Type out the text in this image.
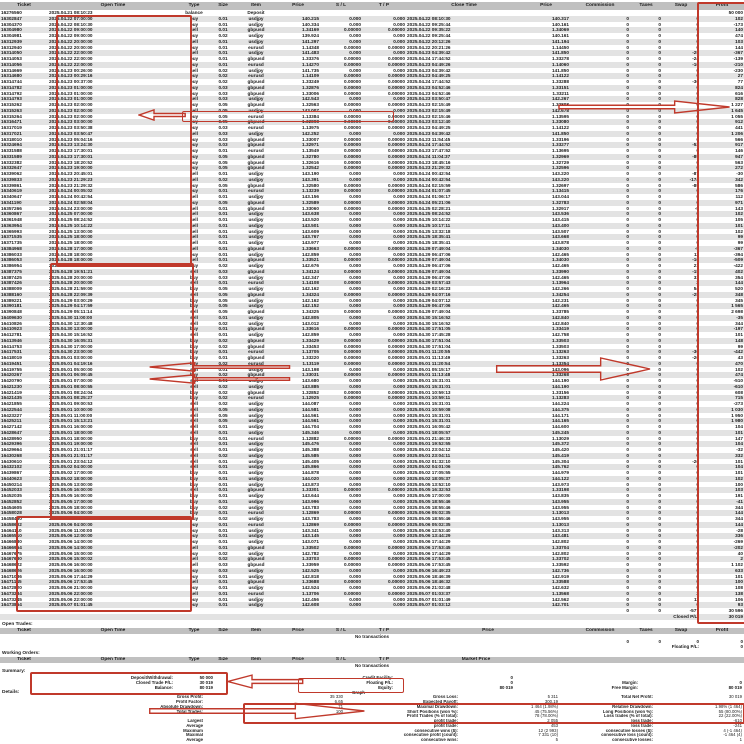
Ticket	Open Time	Type	Size	Item	Price	S / L	T / P	Close Time	Price	Commission	Taxes	Swap	Profit
16276560	2025.04.21 08:10:23	balance		Deposit									50 000
16302847	2025.04.22 07:00:00	buy	0.01	usdjpy	140.215	0.000	0.000	2025.04.22 08:10:30	140.317	0	0	0	102
16304370	2025.04.22 08:10:30	buy	0.01	usdjpy	140.334	0.000	0.000	2025.04.22 09:25:44	140.161	0	0	0	-173
16304980	2025.04.22 09:00:00	sell	0.01	gbpusd	1.34169	0.00000	0.00000	2025.04.22 09:35:22	1.34069	0	0	0	140
16304981	2025.04.22 09:00:00	buy	0.02	usdjpy	139.924	0.000	0.000	2025.04.22 09:25:44	140.161	0	0	0	474
16312939	2025.04.22 20:00:00	sell	0.01	usdjpy	141.297	0.000	0.000	2025.04.22 20:12:26	141.194	0	0	0	103
16312940	2025.04.22 20:00:00	buy	0.01	eurusd	1.14348	0.00000	0.00000	2025.04.22 20:21:26	1.14450	0	0	0	144
16314050	2025.04.22 22:00:00	sell	0.01	usdjpy	141.483	0.000	0.000	2025.04.23 04:39:42	141.850	0	0	-29	-367
16314053	2025.04.22 22:00:00	buy	0.01	gbpusd	1.33376	0.00000	0.00000	2025.04.24 17:44:52	1.33278	0	0	-24	-139
16314056	2025.04.22 22:00:00	buy	0.01	eurusd	1.14270	0.00000	0.00000	2025.04.23 04:49:26	1.14060	0	0	-10	-210
16314669	2025.04.23 00:26:00	sell	0.02	usdjpy	141.735	0.000	0.000	2025.04.23 04:39:42	141.850	0	0	0	-230
16314680	2025.04.23 00:29:16	buy	0.02	eurusd	1.14109	0.00000	0.00000	2025.04.23 04:49:25	1.14122	0	0	0	27
16314744	2025.04.23 00:37:00	buy	0.02	gbpusd	1.33249	0.00000	0.00000	2025.04.24 17:44:52	1.33288	0	0	-36	77
16314782	2025.04.23 01:00:00	buy	0.03	gbpusd	1.32876	0.00000	0.00000	2025.04.23 04:52:46	1.33151	0	0	0	824
16314792	2025.04.23 01:00:00	buy	0.03	gbpusd	1.33006	0.00000	0.00000	2025.04.23 04:52:46	1.33211	0	0	0	616
16314793	2025.04.23 01:00:00	sell	0.03	usdjpy	142.543	0.000	0.000	2025.04.23 03:50:47	142.267	0	0	0	828
16315262	2025.04.23 02:00:00	buy	0.05	gbpusd	1.32563	0.00000	0.00000	2025.04.23 02:15:49	1.32808	0	0	0	1 227
16315263	2025.04.23 02:00:00	sell	0.05	usdjpy	143.007	0.000	0.000	2025.04.23 02:15:49	142.678	0	0	0	1 645
16315264	2025.04.23 02:00:00	buy	0.05	eurusd	1.13384	0.00000	0.00000	2025.04.23 02:15:46	1.13595	0	0	0	1 055
16316471	2025.04.23 03:00:00	buy	0.05	gbpusd	1.32898	0.00000	0.00000	2025.04.23 03:12:40	1.33080	0	0	0	912
16317019	2025.04.23 03:50:38	buy	0.03	eurusd	1.13975	0.00000	0.00000	2025.04.23 04:49:25	1.14122	0	0	0	441
16317021	2025.04.23 03:50:47	sell	0.03	usdjpy	142.252	0.000	0.000	2025.04.23 04:39:42	141.850	0	0	0	1 206
16318010	2025.04.23 05:04:16	buy	0.03	gbpusd	1.33007	0.00000	0.00000	2025.04.23 11:54:45	1.33196	0	0	0	566
16324694	2025.04.23 13:24:30	buy	0.03	gbpusd	1.32971	0.00000	0.00000	2025.04.24 17:44:52	1.33277	0	0	-53	917
16331588	2025.04.23 17:30:01	buy	0.01	eurusd	1.13549	0.00000	0.00000	2025.04.23 17:47:52	1.13695	0	0	0	146
16331589	2025.04.23 17:30:01	buy	0.05	gbpusd	1.32780	0.00000	0.00000	2025.04.24 11:04:37	1.32969	0	0	-89	947
16332382	2025.04.23 18:20:52	buy	0.05	gbpusd	1.32616	0.00000	0.00000	2025.04.23 18:45:16	1.32729	0	0	0	563
16332647	2025.04.23 19:00:00	buy	0.05	gbpusd	1.32542	0.00000	0.00000	2025.04.23 21:29:32	1.32596	0	0	0	272
16339062	2025.04.23 20:45:01	sell	0.01	usdjpy	143.190	0.000	0.000	2025.04.24 00:42:54	143.220	0	0	-87	-30
16339833	2025.04.23 21:29:23	sell	0.02	usdjpy	143.391	0.000	0.000	2025.04.24 00:42:54	143.220	0	0	-174	342
16339861	2025.04.23 21:29:32	buy	0.05	gbpusd	1.32580	0.00000	0.00000	2025.04.24 02:15:59	1.32697	0	0	-89	586
16340619	2025.04.24 00:05:02	buy	0.01	eurusd	1.13239	0.00000	0.00000	2025.04.24 01:07:45	1.13415	0	0	0	176
16340647	2025.04.24 00:42:54	sell	0.01	usdjpy	143.156	0.000	0.000	2025.04.24 01:06:17	143.044	0	0	0	112
16341190	2025.04.24 02:58:04	buy	0.05	gbpusd	1.32589	0.00000	0.00000	2025.04.24 05:21:06	1.32783	0	0	0	971
16357266	2025.04.24 23:00:00	sell	0.01	gbpusd	1.33060	0.00000	0.00000	2025.04.25 02:28:21	1.32917	0	0	-5	143
16360867	2025.04.25 07:00:00	sell	0.01	usdjpy	143.638	0.000	0.000	2025.04.25 08:24:52	143.536	0	0	0	102
16361948	2025.04.25 08:24:52	sell	0.01	usdjpy	143.520	0.000	0.000	2025.04.25 10:14:22	143.415	0	0	0	105
16363954	2025.04.25 10:14:22	sell	0.01	usdjpy	143.501	0.000	0.000	2025.04.25 10:17:11	143.400	0	0	0	101
16365993	2025.04.25 13:00:00	sell	0.01	usdjpy	143.609	0.000	0.000	2025.04.25 13:32:18	143.507	0	0	0	102
16371535	2025.04.25 18:00:00	sell	0.01	usdjpy	143.767	0.000	0.000	2025.04.25 18:35:41	143.668	0	0	0	99
16371735	2025.04.25 18:00:00	sell	0.01	usdjpy	143.977	0.000	0.000	2025.04.25 18:35:41	143.878	0	0	0	99
16384968	2025.04.28 17:00:00	sell	0.01	gbpusd	1.33663	0.00000	0.00000	2025.04.29 07:49:04	1.34030	0	0	-5	-367
16386033	2025.04.28 18:00:00	buy	0.01	usdjpy	142.859	0.000	0.000	2025.04.29 06:47:06	142.465	0	0	11	-394
16386053	2025.04.28 18:00:00	sell	0.01	gbpusd	1.33521	0.00000	0.00000	2025.04.29 07:49:04	1.34030	0	0	-16	-509
16386954	2025.04.28 19:01:56	buy	0.02	usdjpy	142.676	0.000	0.000	2025.04.29 06:47:06	142.465	0	0	21	-422
16387375	2025.04.28 19:51:21	sell	0.03	gbpusd	1.34124	0.00000	0.00000	2025.04.29 07:49:04	1.33990	0	0	-15	402
16387425	2025.04.28 20:00:00	buy	0.03	usdjpy	142.347	0.000	0.000	2025.04.29 06:47:06	142.465	0	0	33	354
16387426	2025.04.28 20:00:00	sell	0.01	eurusd	1.14108	0.00000	0.00000	2025.04.29 03:57:43	1.13964	0	0	2	144
16388009	2025.04.28 21:59:00	buy	0.05	usdjpy	142.162	0.000	0.000	2025.04.29 02:16:23	142.266	0	0	54	520
16388160	2025.04.28 22:09:39	sell	0.05	gbpusd	1.34324	0.00000	0.00000	2025.04.29 04:07:16	1.34254	0	0	-25	348
16389221	2025.04.29 03:00:29	buy	0.05	usdjpy	142.162	0.000	0.000	2025.04.29 04:07:12	142.231	0	0	0	345
16390181	2025.04.29 04:17:59	buy	0.05	usdjpy	142.152	0.000	0.000	2025.04.29 06:47:06	142.465	0	0	0	1 565
16390848	2025.04.29 05:11:14	sell	0.05	gbpusd	1.34325	0.00000	0.00000	2025.04.29 07:49:04	1.33785	0	0	0	2 698
16409630	2025.04.30 11:00:00	sell	0.01	usdjpy	142.805	0.000	0.000	2025.04.30 15:16:52	142.840	0	0	0	-35
16410826	2025.04.30 12:30:48	sell	0.02	usdjpy	143.012	0.000	0.000	2025.04.30 15:16:52	142.840	0	0	0	344
16410923	2025.04.30 13:00:00	buy	0.01	gbpusd	1.33616	0.00000	0.00000	2025.04.30 17:51:05	1.33419	0	0	0	-197
16412781	2025.04.30 15:16:52	sell	0.01	usdjpy	142.859	0.000	0.000	2025.04.30 17:45:28	142.758	0	0	0	101
16413946	2025.04.30 16:05:31	buy	0.02	gbpusd	1.33429	0.00000	0.00000	2025.04.30 17:51:04	1.33503	0	0	0	148
16414753	2025.04.30 17:00:00	buy	0.02	gbpusd	1.33453	0.00000	0.00000	2025.04.30 17:51:04	1.33503	0	0	0	99
16417531	2025.04.30 23:00:00	buy	0.01	eurusd	1.13705	0.00000	0.00000	2025.05.01 11:20:55	1.13263	0	0	-30	-442
16418019	2025.05.01 03:00:00	buy	0.01	gbpusd	1.33220	0.00000	0.00000	2025.05.01 11:13:49	1.33263	0	0	-26	43
16419451	2025.05.01 04:19:16	buy	0.02	eurusd	1.13119	0.00000	0.00000	2025.05.01 11:20:54	1.13354	0	0	0	470
16419755	2025.05.01 05:00:00	sell	0.01	usdjpy	143.198	0.000	0.000	2025.05.01 05:15:17	143.096	0	0	0	102
16420267	2025.05.01 06:09:45	buy	0.02	gbpusd	1.33031	0.00000	0.00000	2025.05.01 11:13:48	1.33268	0	0	0	474
16420790	2025.05.01 07:00:00	sell	0.01	usdjpy	143.680	0.000	0.000	2025.05.01 15:31:01	144.190	0	0	0	-510
16421230	2025.05.01 08:00:55	sell	0.02	usdjpy	143.885	0.000	0.000	2025.05.01 15:31:01	144.190	0	0	0	-610
16421419	2025.05.01 08:24:04	buy	0.02	gbpusd	1.32852	0.00000	0.00000	2025.05.01 10:59:13	1.33156	0	0	0	608
16421435	2025.05.01 08:25:27	buy	0.02	eurusd	1.12925	0.00000	0.00000	2025.05.01 10:59:11	1.13283	0	0	0	715
16421855	2025.05.01 09:00:53	sell	0.02	usdjpy	144.087	0.000	0.000	2025.05.01 15:31:01	144.224	0	0	0	-273
16422544	2025.05.01 10:00:00	sell	0.05	usdjpy	144.581	0.000	0.000	2025.05.01 10:59:08	144.375	0	0	0	1 030
16423227	2025.05.01 11:00:00	sell	0.05	usdjpy	144.561	0.000	0.000	2025.05.01 15:31:01	144.171	0	0	0	1 950
16425211	2025.05.01 15:13:21	sell	0.05	usdjpy	144.561	0.000	0.000	2025.05.01 15:31:01	144.165	0	0	0	1 980
16427142	2025.05.01 16:00:00	sell	0.01	usdjpy	144.704	0.000	0.000	2025.05.01 16:05:42	144.600	0	0	0	104
16428647	2025.05.01 18:00:00	sell	0.01	usdjpy	145.346	0.000	0.000	2025.05.01 18:05:57	145.245	0	0	0	101
16428950	2025.05.01 18:00:00	buy	0.01	eurusd	1.12882	0.00000	0.00000	2025.05.01 21:46:33	1.13029	0	0	0	147
16429396	2025.05.01 19:00:00	sell	0.01	usdjpy	145.476	0.000	0.000	2025.05.01 19:52:55	145.372	0	0	0	104
16429664	2025.05.01 21:01:17	sell	0.01	usdjpy	145.388	0.000	0.000	2025.05.01 23:04:12	145.420	0	0	0	-32
16430268	2025.05.01 21:01:17	sell	0.02	usdjpy	145.585	0.000	0.000	2025.05.01 23:04:11	145.419	0	0	0	332
16430610	2025.05.01 23:04:12	sell	0.01	usdjpy	145.405	0.000	0.000	2025.05.02 01:32:10	145.304	0	0	-26	101
16432102	2025.05.02 04:00:00	sell	0.01	usdjpy	145.866	0.000	0.000	2025.05.02 04:01:06	145.762	0	0	0	104
16439867	2025.05.02 17:00:00	buy	0.01	usdjpy	144.878	0.000	0.000	2025.05.02 17:05:55	144.979	0	0	0	101
16440623	2025.05.02 18:00:00	buy	0.01	usdjpy	144.020	0.000	0.000	2025.05.02 18:05:37	144.122	0	0	0	102
16450214	2025.05.05 13:00:00	buy	0.01	usdjpy	143.873	0.000	0.000	2025.05.05 13:52:10	143.973	0	0	0	100
16452033	2025.05.05 16:00:00	sell	0.01	gbpusd	1.33301	0.00000	0.00000	2025.05.05 16:32:53	1.33198	0	0	0	103
16452035	2025.05.05 16:00:00	buy	0.01	usdjpy	143.644	0.000	0.000	2025.05.05 17:00:00	143.835	0	0	0	191
16452852	2025.05.05 17:00:00	buy	0.01	usdjpy	143.996	0.000	0.000	2025.05.05 18:55:46	143.955	0	0	0	-41
16454605	2025.05.05 18:00:00	buy	0.02	usdjpy	143.783	0.000	0.000	2025.05.05 18:55:46	143.955	0	0	0	344
16458028	2025.05.06 04:00:00	buy	0.01	eurusd	1.12869	0.00000	0.00000	2025.05.06 05:02:35	1.13013	0	0	0	144
16458460	2025.05.05 18:00:00	buy	0.02	usdjpy	143.783	0.000	0.000	2025.05.05 18:55:46	143.955	0	0	0	344
16458602	2025.05.06 04:00:00	buy	0.01	eurusd	1.12869	0.00000	0.00000	2025.05.06 05:02:35	1.13013	0	0	0	144
16464110	2025.05.06 11:00:00	buy	0.01	usdjpy	143.341	0.000	0.000	2025.05.06 12:53:40	143.313	0	0	0	-28
16465510	2025.05.06 12:00:00	buy	0.01	usdjpy	143.145	0.000	0.000	2025.05.06 13:44:29	143.481	0	0	0	336
16466880	2025.05.06 14:00:00	buy	0.01	usdjpy	143.071	0.000	0.000	2025.05.06 17:44:29	142.802	0	0	0	-269
16466954	2025.05.06 14:00:00	sell	0.01	gbpusd	1.33502	0.00000	0.00000	2025.05.06 17:53:45	1.33704	0	0	0	-202
16467675	2025.05.06 15:00:00	buy	0.02	usdjpy	142.782	0.000	0.000	2025.05.06 17:44:29	142.802	0	0	0	40
16467680	2025.05.06 15:00:02	sell	0.02	gbpusd	1.33703	0.00000	0.00000	2025.05.06 17:53:45	1.33702	0	0	0	2
16468622	2025.05.06 16:00:00	sell	0.03	gbpusd	1.33959	0.00000	0.00000	2025.05.06 17:53:45	1.33592	0	0	0	1 102
16468626	2025.05.06 16:00:00	buy	0.03	usdjpy	142.525	0.000	0.000	2025.05.06 16:49:23	142.736	0	0	0	633
16471036	2025.05.06 17:44:29	buy	0.01	usdjpy	142.818	0.000	0.000	2025.05.06 18:46:39	142.919	0	0	0	101
16471145	2025.05.06 17:53:45	sell	0.01	gbpusd	1.33688	0.00000	0.00000	2025.05.06 18:46:32	1.33588	0	0	0	100
16472820	2025.05.06 21:00:00	buy	0.01	usdjpy	142.524	0.000	0.000	2025.05.06 21:02:48	142.632	0	0	0	108
16473234	2025.05.06 22:00:00	sell	0.01	eurusd	1.13706	0.00000	0.00000	2025.05.07 01:03:37	1.13568	0	0	2	138
16473245	2025.05.06 22:00:00	buy	0.01	usdjpy	142.456	0.000	0.000	2025.05.07 01:01:49	142.562	0	0	11	106
16473864	2025.05.07 01:01:45	buy	0.01	usdjpy	142.608	0.000	0.000	2025.05.07 01:03:12	142.701	0	0	0	93
										0	0	-577	30 596
Closed P/L:													30 019
Open Trades:
Ticket	Open Time	Type	Size	Item	Price	S / L	T / P	Price	Commission	Taxes	Swap	Profit
No transactions												
									0	0	0	0
Floating P/L:												0
Working Orders:
Ticket	Open Time	Type	Size	Item	Price	S / L	T / P	Market Price	
No transactions
Summary:
Deposit/Withdrawal:	50 000	Credit Facility:	0
Closed Trade P/L:	30 019	Floating P/L:	0	Margin:	0
Balance:	80 019	Equity:	80 019	Free Margin:	80 019
Details:	Graph
Gross Profit:	35 330	Gross Loss:	5 311	Total Net Profit:	30 019
Profit Factor:	6.65	Expected Payoff:	300.19
Absolute Drawdown:	71	Maximal Drawdown:	1 464 (1.98%)	Relative Drawdown:	1.98% (1 464)
Total Trades:	100	Short Positions (won %):	45 (75.56%)	Long Positions (won %):	55 (80.00%)
Profit Trades (% of total):	78 (78.00%)	Loss trades (% of total):	22 (22.00%)
Largest	profit trade:	2 055	loss trade:	-610
Average	profit trade:	453	loss trade:	-241
Maximum	consecutive wins ($):	12 (2 993)	consecutive losses ($):	4 (-1 464)
Maximal	consecutive profit (count):	7 331 (10)	consecutive loss (count):	-1 464 (4)
Average	consecutive wins:	5	consecutive losses:	1
